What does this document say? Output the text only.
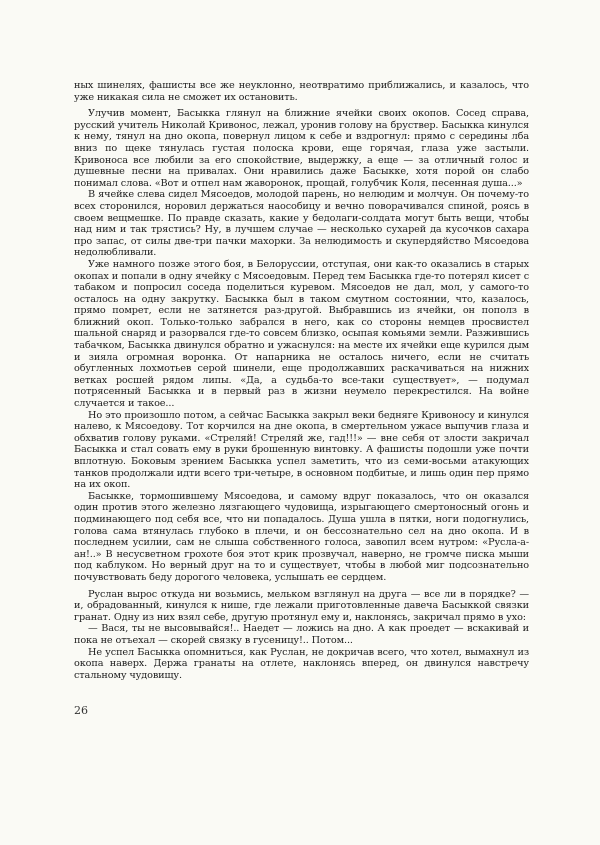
ных шинелях, фашисты все же неуклонно, неотвратимо приближались, и казалось, что уже никакая сила не сможет их остановить.

Улучив момент, Басыкка глянул на ближние ячейки своих окопов. Сосед справа, русский учитель Николай Кривонос, лежал, уронив голову на бруствер. Басыкка кинулся к нему, тянул на дно окопа, повернул лицом к себе и вздрогнул: прямо с середины лба вниз по щеке тянулась густая полоска крови, еще горячая, глаза уже застыли. Кривоноса все любили за его спокойствие, выдержку, а еще — за отличный голос и душевные песни на привалах. Они нравились даже Басыкке, хотя порой он слабо понимал слова. «Вот и отпел нам жаворонок, прощай, голубчик Коля, песенная душа...»

В ячейке слева сидел Мясоедов, молодой парень, но нелюдим и молчун. Он почему-то всех сторонился, норовил держаться наособицу и вечно поворачивался спиной, роясь в своем вещмешке. По правде сказать, какие у бедолаги-солдата могут быть вещи, чтобы над ним и так трястись? Ну, в лучшем случае — несколько сухарей да кусочков сахара про запас, от силы две-три пачки махорки. За нелюдимость и скупердяйство Мясоедова недолюбливали.

Уже намного позже этого боя, в Белоруссии, отступая, они как-то оказались в старых окопах и попали в одну ячейку с Мясоедовым. Перед тем Басыкка где-то потерял кисет с табаком и попросил соседа поделиться куревом. Мясоедов не дал, мол, у самого-то осталось на одну закрутку. Басыкка был в таком смутном состоянии, что, казалось, прямо помрет, если не затянется раз-другой. Выбравшись из ячейки, он пополз в ближний окоп. Только-только забрался в него, как со стороны немцев просвистел шальной снаряд и разорвался где-то совсем близко, осыпая комьями земли. Разжившись табачком, Басыкка двинулся обратно и ужаснулся: на месте их ячейки еще курился дым и зияла огромная воронка. От напарника не осталось ничего, если не считать обугленных лохмотьев серой шинели, еще продолжавших раскачиваться на нижних ветках росшей рядом липы. «Да, а судьба-то все-таки существует», — подумал потрясенный Басыкка и в первый раз в жизни неумело перекрестился. На войне случается и такое...

Но это произошло потом, а сейчас Басыкка закрыл веки бедняге Кривоносу и кинулся налево, к Мясоедову. Тот корчился на дне окопа, в смертельном ужасе выпучив глаза и обхватив голову руками. «Стреляй! Стреляй же, гад!!!» — вне себя от злости закричал Басыкка и стал совать ему в руки брошенную винтовку. А фашисты подошли уже почти вплотную. Боковым зрением Басыкка успел заметить, что из семи-восьми атакующих танков продолжали идти всего три-четыре, в основном подбитые, и лишь один пер прямо на их окоп.

Басыкке, тормошившему Мясоедова, и самому вдруг показалось, что он оказался один против этого железно лязгающего чудовища, изрыгающего смертоносный огонь и подминающего под себя все, что ни попадалось. Душа ушла в пятки, ноги подогнулись, голова сама втянулась глубоко в плечи, и он бессознательно сел на дно окопа. И в последнем усилии, сам не слыша собственного голоса, завопил всем нутром: «Русла-а-ан!..» В несусветном грохоте боя этот крик прозвучал, наверно, не громче писка мыши под каблуком. Но верный друг на то и существует, чтобы в любой миг подсознательно почувствовать беду дорогого человека, услышать ее сердцем.

Руслан вырос откуда ни возьмись, мельком взглянул на друга — все ли в порядке? — и, обрадованный, кинулся к нише, где лежали приготовленные давеча Басыккой связки гранат. Одну из них взял себе, другую протянул ему и, наклонясь, закричал прямо в ухо:

— Вася, ты не высовывайся!.. Наедет — ложись на дно. А как проедет — вскакивай и пока не отъехал — скорей связку в гусеницу!.. Потом...

Не успел Басыкка опомниться, как Руслан, не докричав всего, что хотел, вымахнул из окопа наверх. Держа гранаты на отлете, наклонясь вперед, он двинулся навстречу стальному чудовищу.

26
